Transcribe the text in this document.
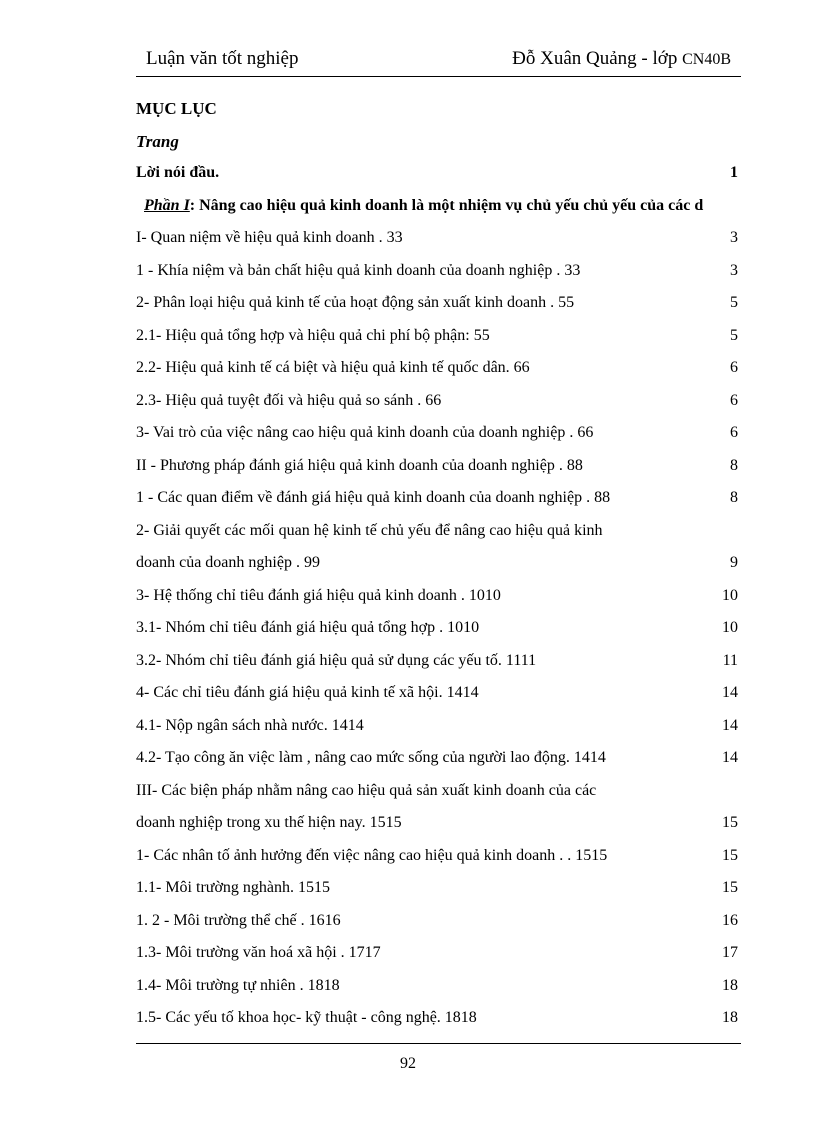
Luận văn tốt nghiệp	Đỗ Xuân Quảng - lớp CN40B
MỤC LỤC
Trang
Lời nói đầu.	1
Phần I: Nâng cao hiệu quả kinh doanh là một nhiệm vụ chủ yếu chủ yếu của các d
I- Quan niệm về hiệu quả kinh doanh . 33	3
1 - Khía niệm và bản chất hiệu quả kinh doanh của doanh nghiệp . 33	3
2- Phân loại hiệu quả kinh tế của hoạt động sản xuất kinh doanh . 55	5
2.1- Hiệu quả tổng hợp và hiệu quả chi phí bộ phận: 55	5
2.2- Hiệu quả kinh tế cá biệt và hiệu quả kinh tế quốc dân. 66	6
2.3- Hiệu quả tuyệt đối và hiệu quả so sánh . 66	6
3- Vai trò của việc nâng cao hiệu quả kinh doanh của doanh nghiệp . 66	6
II - Phương pháp đánh giá hiệu quả kinh doanh của doanh nghiệp . 88	8
1 - Các quan điểm về đánh giá hiệu quả kinh doanh của doanh nghiệp . 88	8
2- Giải quyết các mối quan hệ kinh tế chủ yếu để nâng cao hiệu quả kinh
doanh của doanh nghiệp . 99	9
3- Hệ thống chỉ tiêu đánh giá hiệu quả kinh doanh . 1010	10
3.1- Nhóm chỉ tiêu đánh giá hiệu quả tổng hợp . 1010	10
3.2- Nhóm chỉ tiêu đánh giá hiệu quả sử dụng các yếu tố. 1111	11
4- Các chỉ tiêu đánh giá hiệu quả kinh tế xã hội. 1414	14
4.1- Nộp ngân sách nhà nước. 1414	14
4.2- Tạo công ăn việc làm , nâng cao mức sống của người lao động. 1414	14
III- Các biện pháp nhằm nâng cao hiệu quả sản xuất kinh doanh của các
doanh nghiệp trong xu thế hiện nay. 1515	15
1- Các nhân tố ảnh hưởng đến việc nâng cao hiệu quả kinh doanh . . 1515	15
1.1- Môi trường nghành. 1515	15
1. 2 - Môi trường thể chế . 1616	16
1.3- Môi trường văn hoá xã hội . 1717	17
1.4- Môi trường tự nhiên . 1818	18
1.5- Các yếu tố khoa học- kỹ thuật - công nghệ. 1818	18
92
